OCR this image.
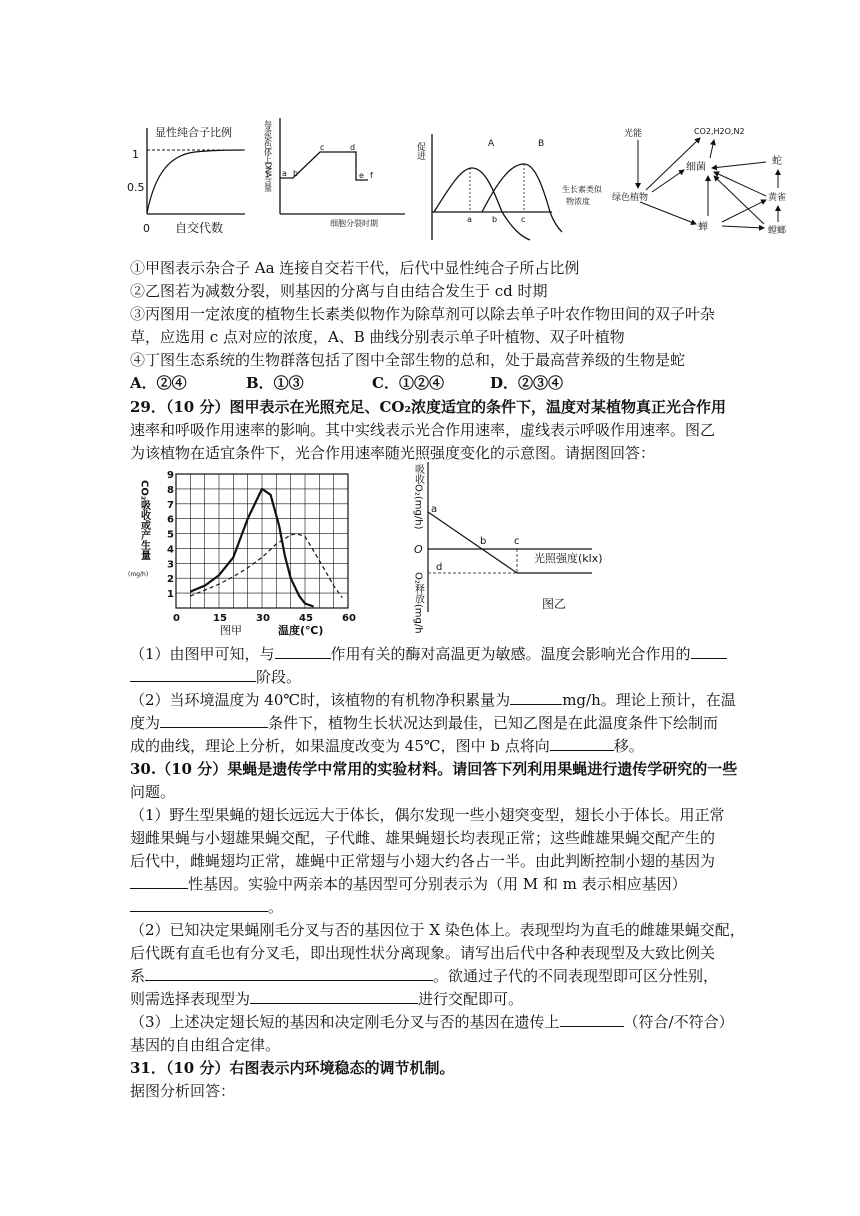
显性纯合子比例
1
0.5
0 自交代数
每条染色体上DNA含量 a b
c	d
e f
细胞分裂时期
促进	A	B
a	b	c
生长素类似
物浓度
光能	CO2,H2O,N2
细菌
蛇
绿色植物	黄雀
蝉	螳螂
①甲图表示杂合子 Aa 连接自交若干代，后代中显性纯合子所占比例
②乙图若为减数分裂，则基因的分离与自由结合发生于 cd 时期
③丙图用一定浓度的植物生长素类似物作为除草剂可以除去单子叶农作物田间的双子叶杂
草，应选用 c 点对应的浓度，A、B 曲线分别表示单子叶植物、双子叶植物
④丁图生态系统的生物群落包括了图中全部生物的总和，处于最高营养级的生物是蛇
A．②④	B．①③	C．①②④	D．②③④
29．（10 分）图甲表示在光照充足、CO₂浓度适宜的条件下，温度对某植物真正光合作用
速率和呼吸作用速率的影响。其中实线表示光合作用速率，虚线表示呼吸作用速率。图乙
为该植物在适宜条件下，光合作用速率随光照强度变化的示意图。请据图回答：
CO₂吸收或产生量
(mg/h)
图甲	温度(℃)
0	15	30	45	60
1
2
3
4
5
6
7
8
9	吸收O₂(mg/h)
O₂释放(mg/h)
O
a
b	c
d
光照强度(klx)
图乙
（1）由图甲可知，与	作用有关的酶对高温更为敏感。温度会影响光合作用的
阶段。
（2）当环境温度为 40℃时，该植物的有机物净积累量为	mg/h。理论上预计，在温
度为	条件下，植物生长状况达到最佳，已知乙图是在此温度条件下绘制而
成的曲线，理论上分析，如果温度改变为 45℃，图中 b 点将向	移。
30.（10 分）果蝇是遗传学中常用的实验材料。请回答下列利用果蝇进行遗传学研究的一些
问题。
（1）野生型果蝇的翅长远远大于体长，偶尔发现一些小翅突变型，翅长小于体长。用正常
翅雌果蝇与小翅雄果蝇交配，子代雌、雄果蝇翅长均表现正常；这些雌雄果蝇交配产生的
后代中，雌蝇翅均正常，雄蝇中正常翅与小翅大约各占一半。由此判断控制小翅的基因为
性基因。实验中两亲本的基因型可分别表示为（用 M 和 m 表示相应基因）
。
（2）已知决定果蝇刚毛分叉与否的基因位于 X 染色体上。表现型均为直毛的雌雄果蝇交配，
后代既有直毛也有分叉毛，即出现性状分离现象。请写出后代中各种表现型及大致比例关
系	。欲通过子代的不同表现型即可区分性别，
则需选择表现型为	进行交配即可。
（3）上述决定翅长短的基因和决定刚毛分叉与否的基因在遗传上	（符合/不符合）
基因的自由组合定律。
31．（10 分）右图表示内环境稳态的调节机制。
据图分析回答：
